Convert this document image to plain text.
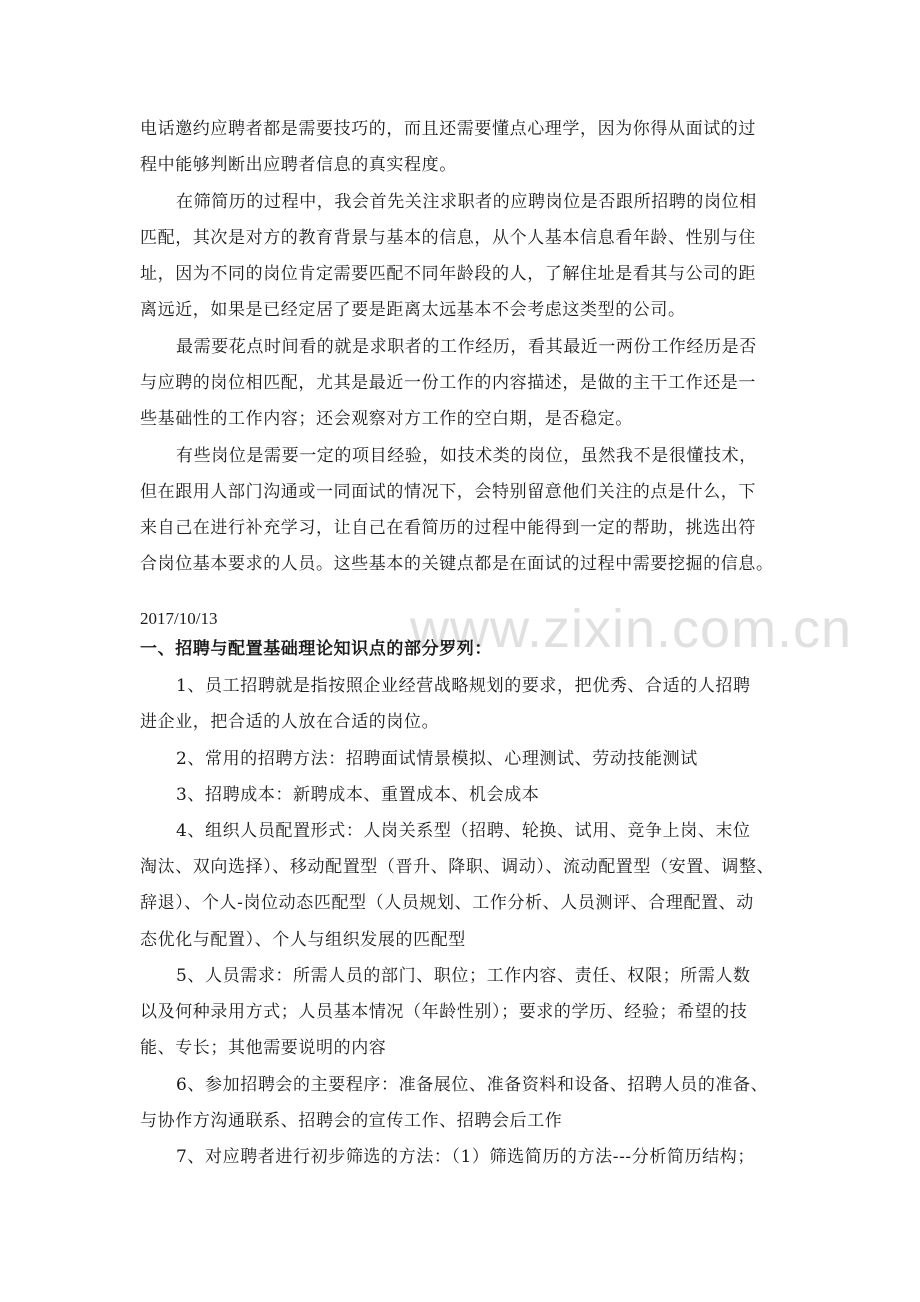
www.zixin.com.cn
电话邀约应聘者都是需要技巧的，而且还需要懂点心理学，因为你得从面试的过
程中能够判断出应聘者信息的真实程度。
在筛简历的过程中，我会首先关注求职者的应聘岗位是否跟所招聘的岗位相
匹配，其次是对方的教育背景与基本的信息，从个人基本信息看年龄、性别与住
址，因为不同的岗位肯定需要匹配不同年龄段的人，了解住址是看其与公司的距
离远近，如果是已经定居了要是距离太远基本不会考虑这类型的公司。
最需要花点时间看的就是求职者的工作经历，看其最近一两份工作经历是否
与应聘的岗位相匹配，尤其是最近一份工作的内容描述，是做的主干工作还是一
些基础性的工作内容；还会观察对方工作的空白期，是否稳定。
有些岗位是需要一定的项目经验，如技术类的岗位，虽然我不是很懂技术，
但在跟用人部门沟通或一同面试的情况下，会特别留意他们关注的点是什么，下
来自己在进行补充学习，让自己在看简历的过程中能得到一定的帮助，挑选出符
合岗位基本要求的人员。这些基本的关键点都是在面试的过程中需要挖掘的信息。
2017/10/13
一、招聘与配置基础理论知识点的部分罗列：
1、员工招聘就是指按照企业经营战略规划的要求，把优秀、合适的人招聘
进企业，把合适的人放在合适的岗位。
2、常用的招聘方法：招聘面试情景模拟、心理测试、劳动技能测试
3、招聘成本：新聘成本、重置成本、机会成本
4、组织人员配置形式：人岗关系型（招聘、轮换、试用、竞争上岗、末位
淘汰、双向选择）、移动配置型（晋升、降职、调动）、流动配置型（安置、调整、
辞退）、个人-岗位动态匹配型（人员规划、工作分析、人员测评、合理配置、动
态优化与配置）、个人与组织发展的匹配型
5、人员需求：所需人员的部门、职位；工作内容、责任、权限；所需人数
以及何种录用方式；人员基本情况（年龄性别）；要求的学历、经验；希望的技
能、专长；其他需要说明的内容
6、参加招聘会的主要程序：准备展位、准备资料和设备、招聘人员的准备、
与协作方沟通联系、招聘会的宣传工作、招聘会后工作
7、对应聘者进行初步筛选的方法：（1）筛选简历的方法---分析简历结构；
